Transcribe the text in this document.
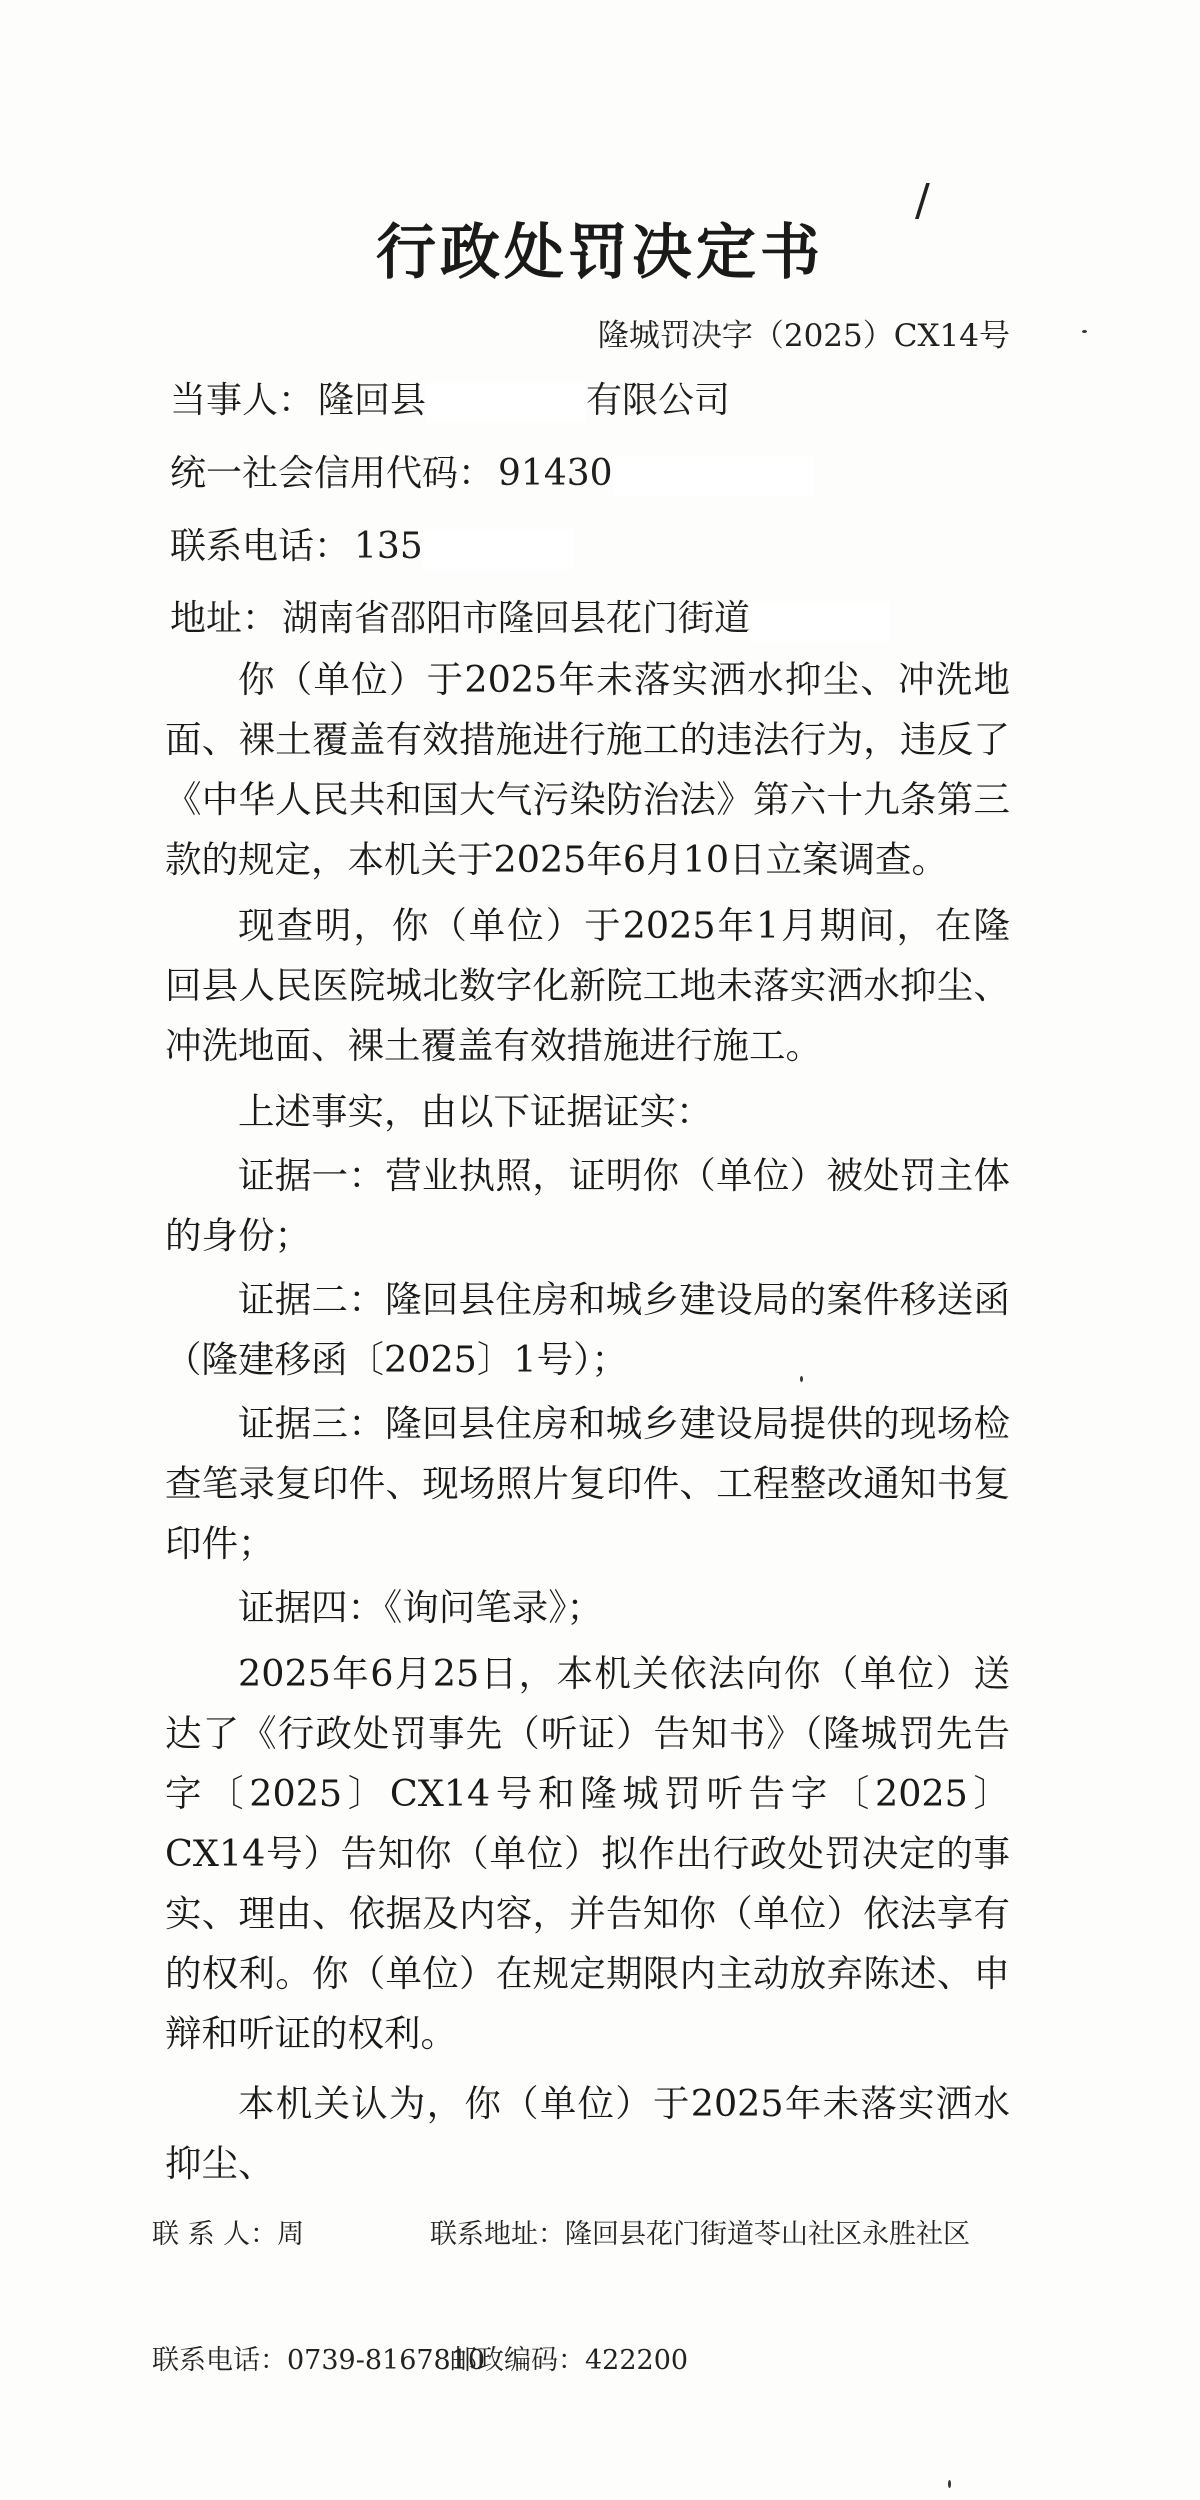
/
行政处罚决定书
隆城罚决字（2025）CX14号
当事人： 隆回县	有限公司
统一社会信用代码： 91430
联系电话： 135
地址： 湖南省邵阳市隆回县花门街道

你（单位）于2025年未落实洒水抑尘、冲洗地面、裸土覆盖有效措施进行施工的违法行为，违反了《中华人民共和国大气污染防治法》第六十九条第三款的规定，本机关于2025年6月10日立案调查。

现查明，你（单位）于2025年1月期间，在隆回县人民医院城北数字化新院工地未落实洒水抑尘、冲洗地面、裸土覆盖有效措施进行施工。

上述事实，由以下证据证实：

证据一：营业执照，证明你（单位）被处罚主体的身份；

证据二：隆回县住房和城乡建设局的案件移送函（隆建移函〔2025〕1号）；

证据三：隆回县住房和城乡建设局提供的现场检查笔录复印件、现场照片复印件、工程整改通知书复印件；

证据四：《询问笔录》；

2025年6月25日，本机关依法向你（单位）送达了《行政处罚事先（听证）告知书》（隆城罚先告字〔2025〕CX14号和隆城罚听告字〔2025〕CX14号）告知你（单位）拟作出行政处罚决定的事实、理由、依据及内容，并告知你（单位）依法享有的权利。你（单位）在规定期限内主动放弃陈述、申辩和听证的权利。

本机关认为，你（单位）于2025年未落实洒水抑尘、

联 系 人：周	联系地址：隆回县花门街道苓山社区永胜社区
联系电话：0739-8167810
邮政编码：422200
